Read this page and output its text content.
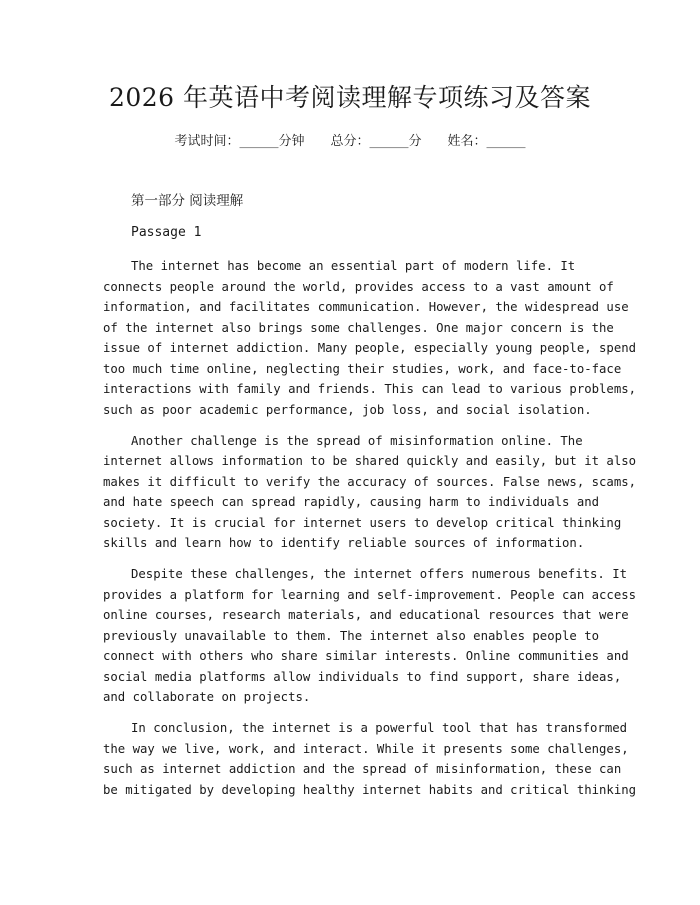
2026 年英语中考阅读理解专项练习及答案
考试时间：______分钟 总分：______分 姓名：______
第一部分 阅读理解
Passage 1
The internet has become an essential part of modern life. It
connects people around the world, provides access to a vast amount of
information, and facilitates communication. However, the widespread use
of the internet also brings some challenges. One major concern is the
issue of internet addiction. Many people, especially young people, spend
too much time online, neglecting their studies, work, and face-to-face
interactions with family and friends. This can lead to various problems,
such as poor academic performance, job loss, and social isolation.
Another challenge is the spread of misinformation online. The
internet allows information to be shared quickly and easily, but it also
makes it difficult to verify the accuracy of sources. False news, scams,
and hate speech can spread rapidly, causing harm to individuals and
society. It is crucial for internet users to develop critical thinking
skills and learn how to identify reliable sources of information.
Despite these challenges, the internet offers numerous benefits. It
provides a platform for learning and self-improvement. People can access
online courses, research materials, and educational resources that were
previously unavailable to them. The internet also enables people to
connect with others who share similar interests. Online communities and
social media platforms allow individuals to find support, share ideas,
and collaborate on projects.
In conclusion, the internet is a powerful tool that has transformed
the way we live, work, and interact. While it presents some challenges,
such as internet addiction and the spread of misinformation, these can
be mitigated by developing healthy internet habits and critical thinking
